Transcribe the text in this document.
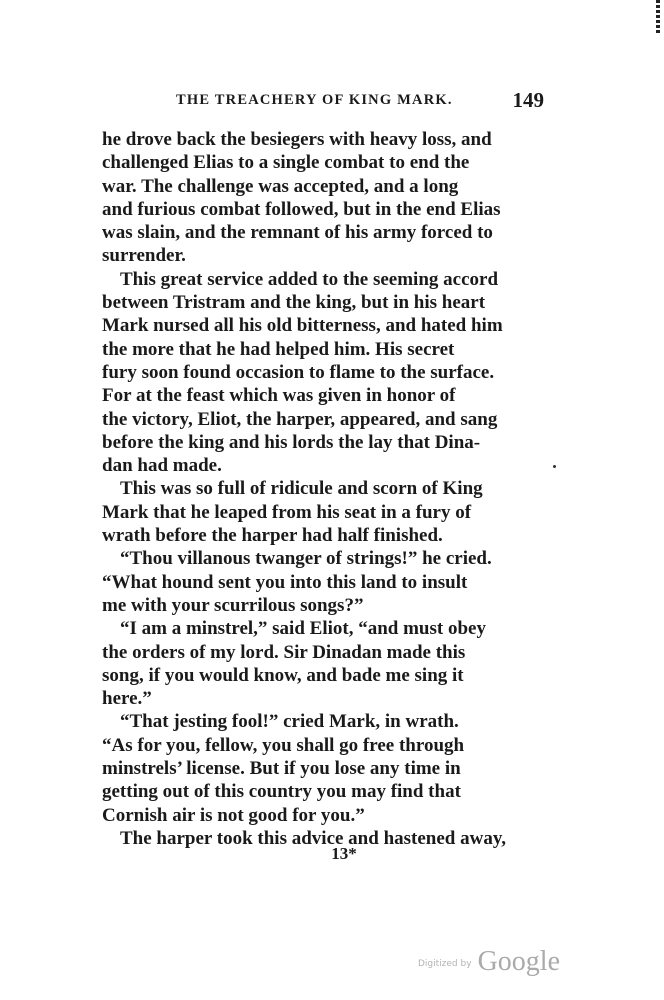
THE TREACHERY OF KING MARK.	149

he drove back the besiegers with heavy loss, and
challenged Elias to a single combat to end the
war. The challenge was accepted, and a long
and furious combat followed, but in the end Elias
was slain, and the remnant of his army forced to
surrender.

This great service added to the seeming accord
between Tristram and the king, but in his heart
Mark nursed all his old bitterness, and hated him
the more that he had helped him. His secret
fury soon found occasion to flame to the surface.
For at the feast which was given in honor of
the victory, Eliot, the harper, appeared, and sang
before the king and his lords the lay that Dina-
dan had made.

This was so full of ridicule and scorn of King
Mark that he leaped from his seat in a fury of
wrath before the harper had half finished.

“Thou villanous twanger of strings!” he cried.
“What hound sent you into this land to insult
me with your scurrilous songs?”

“I am a minstrel,” said Eliot, “and must obey
the orders of my lord. Sir Dinadan made this
song, if you would know, and bade me sing it
here.”

“That jesting fool!” cried Mark, in wrath.
“As for you, fellow, you shall go free through
minstrels’ license. But if you lose any time in
getting out of this country you may find that
Cornish air is not good for you.”

The harper took this advice and hastened away,

13*
$^{Digitized by}$ Google
